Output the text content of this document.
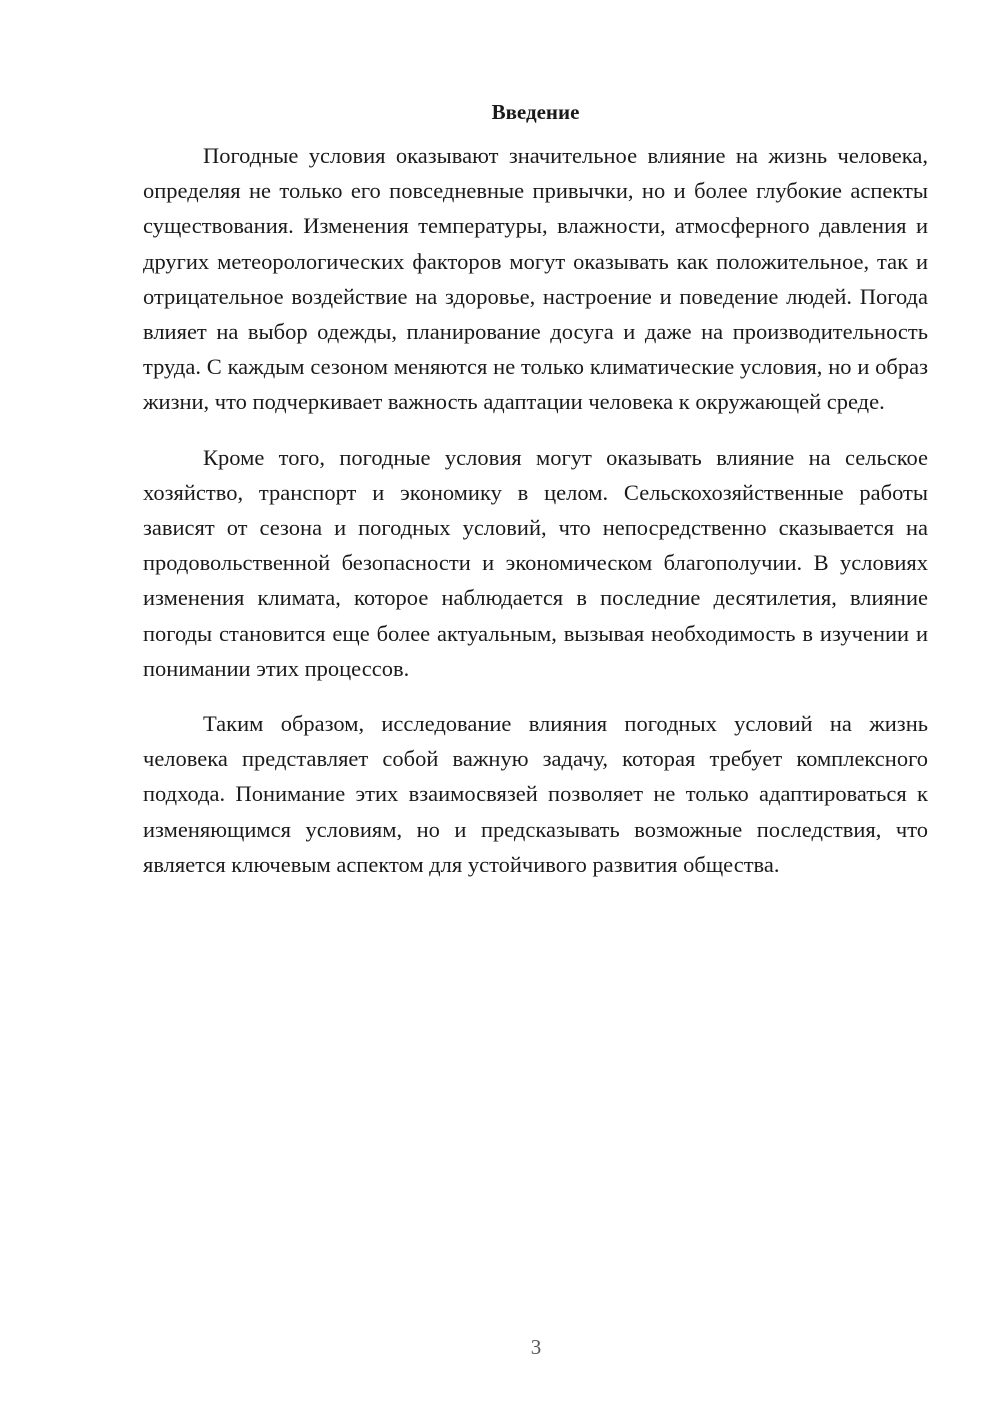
Введение

Погодные условия оказывают значительное влияние на жизнь человека, определяя не только его повседневные привычки, но и более глубокие аспекты существования. Изменения температуры, влажности, атмосферного давления и других метеорологических факторов могут оказывать как положительное, так и отрицательное воздействие на здоровье, настроение и поведение людей. Погода влияет на выбор одежды, планирование досуга и даже на производительность труда. С каждым сезоном меняются не только климатические условия, но и образ жизни, что подчеркивает важность адаптации человека к окружающей среде.

Кроме того, погодные условия могут оказывать влияние на сельское хозяйство, транспорт и экономику в целом. Сельскохозяйственные работы зависят от сезона и погодных условий, что непосредственно сказывается на продовольственной безопасности и экономическом благополучии. В условиях изменения климата, которое наблюдается в последние десятилетия, влияние погоды становится еще более актуальным, вызывая необходимость в изучении и понимании этих процессов.

Таким образом, исследование влияния погодных условий на жизнь человека представляет собой важную задачу, которая требует комплексного подхода. Понимание этих взаимосвязей позволяет не только адаптироваться к изменяющимся условиям, но и предсказывать возможные последствия, что является ключевым аспектом для устойчивого развития общества.

3
